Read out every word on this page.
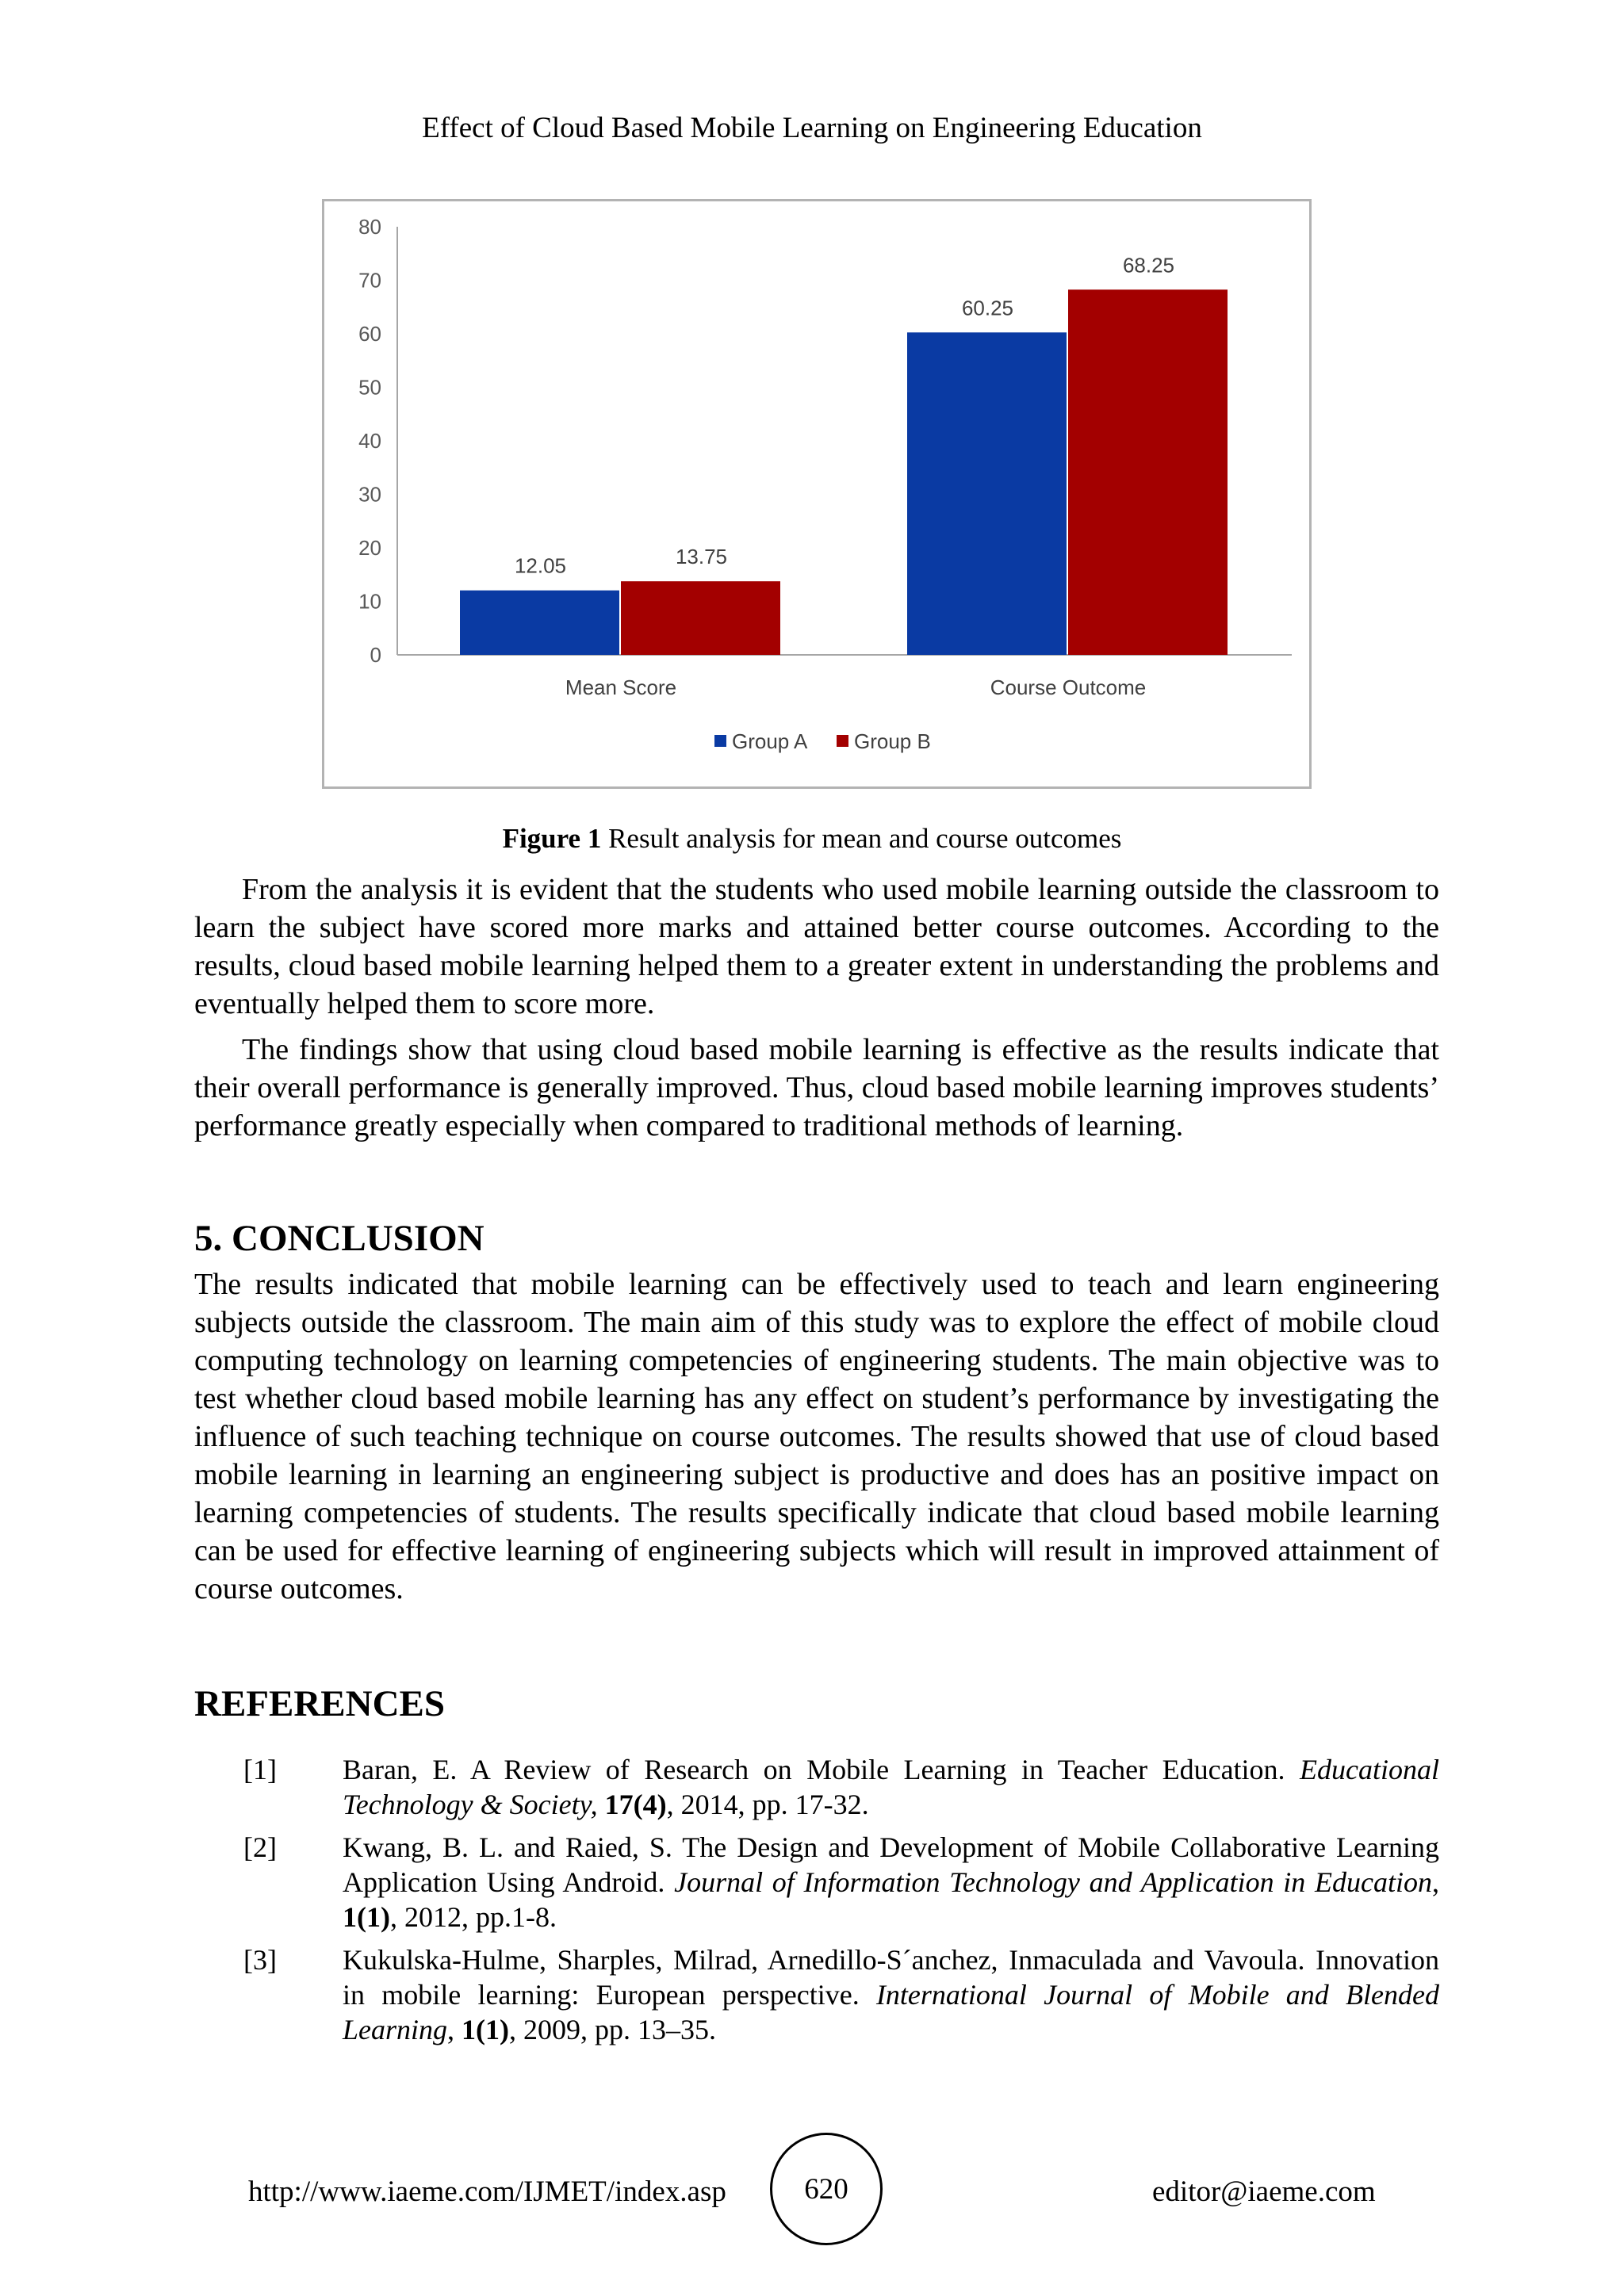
Effect of Cloud Based Mobile Learning on Engineering Education
0
10
20
30
40
50
60
70
80
12.05	13.75
Mean Score
60.25
68.25
Course Outcome
Group A Group B
Figure 1 Result analysis for mean and course outcomes

From the analysis it is evident that the students who used mobile learning outside the classroom to learn the subject have scored more marks and attained better course outcomes. According to the results, cloud based mobile learning helped them to a greater extent in understanding the problems and eventually helped them to score more.

The findings show that using cloud based mobile learning is effective as the results indicate that their overall performance is generally improved. Thus, cloud based mobile learning improves students’ performance greatly especially when compared to traditional methods of learning.

5. CONCLUSION

The results indicated that mobile learning can be effectively used to teach and learn engineering subjects outside the classroom. The main aim of this study was to explore the effect of mobile cloud computing technology on learning competencies of engineering students. The main objective was to test whether cloud based mobile learning has any effect on student’s performance by investigating the influence of such teaching technique on course outcomes. The results showed that use of cloud based mobile learning in learning an engineering subject is productive and does has an positive impact on learning competencies of students. The results specifically indicate that cloud based mobile learning can be used for effective learning of engineering subjects which will result in improved attainment of course outcomes.

REFERENCES
[1] Baran, E. A Review of Research on Mobile Learning in Teacher Education. Educational Technology & Society, 17(4), 2014, pp. 17-32.
[2] Kwang, B. L. and Raied, S. The Design and Development of Mobile Collaborative Learning Application Using Android. Journal of Information Technology and Application in Education, 1(1), 2012, pp.1-8.
[3] Kukulska-Hulme, Sharples, Milrad, Arnedillo-S´anchez, Inmaculada and Vavoula. Innovation in mobile learning: European perspective. International Journal of Mobile and Blended Learning, 1(1), 2009, pp. 13–35.
http://www.iaeme.com/IJMET/index.asp	620	editor@iaeme.com
